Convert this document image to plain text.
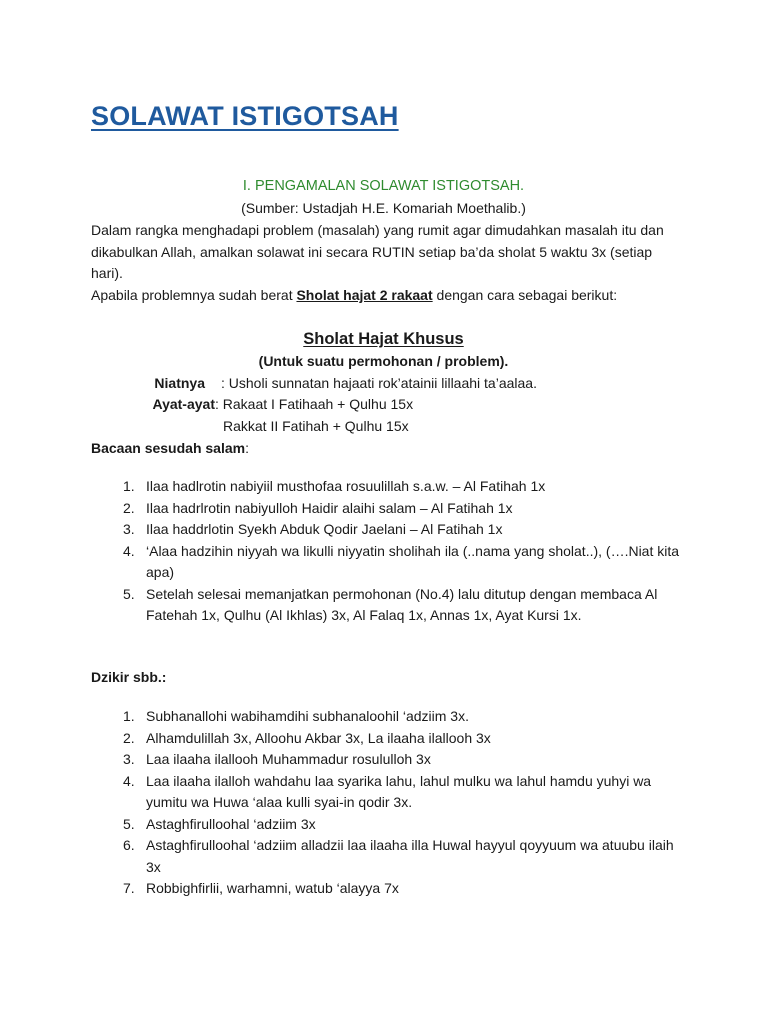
SOLAWAT ISTIGOTSAH

I. PENGAMALAN SOLAWAT ISTIGOTSAH.

(Sumber: Ustadjah H.E. Komariah Moethalib.)

Dalam rangka menghadapi problem (masalah) yang rumit agar dimudahkan masalah itu dan dikabulkan Allah, amalkan solawat ini secara RUTIN setiap ba’da sholat 5 waktu 3x (setiap hari).

Apabila problemnya sudah berat Sholat hajat 2 rakaat dengan cara sebagai berikut:

Sholat Hajat Khusus

(Untuk suatu permohonan / problem).

Niatnya : Usholi sunnatan hajaati rok’atainii lillaahi ta’aalaa.

Ayat-ayat: Rakaat I Fatihaah + Qulhu 15x

Rakkat II Fatihah + Qulhu 15x

Bacaan sesudah salam:

1. Ilaa hadlrotin nabiyiil musthofaa rosuulillah s.a.w. – Al Fatihah 1x
2. Ilaa hadrlrotin nabiyulloh Haidir alaihi salam – Al Fatihah 1x
3. Ilaa haddrlotin Syekh Abduk Qodir Jaelani – Al Fatihah 1x
4. ‘Alaa hadzihin niyyah wa likulli niyyatin sholihah ila (..nama yang sholat..), (….Niat kita apa)
5. Setelah selesai memanjatkan permohonan (No.4) lalu ditutup dengan membaca Al Fatehah 1x, Qulhu (Al Ikhlas) 3x, Al Falaq 1x, Annas 1x, Ayat Kursi 1x.

Dzikir sbb.:

1. Subhanallohi wabihamdihi subhanaloohil ‘adziim 3x.
2. Alhamdulillah 3x, Alloohu Akbar 3x, La ilaaha ilallooh 3x
3. Laa ilaaha ilallooh Muhammadur rosululloh 3x
4. Laa ilaaha ilalloh wahdahu laa syarika lahu, lahul mulku wa lahul hamdu yuhyi wa yumitu wa Huwa ‘alaa kulli syai-in qodir 3x.
5. Astaghfirulloohal ‘adziim 3x
6. Astaghfirulloohal ‘adziim alladzii laa ilaaha illa Huwal hayyul qoyyuum wa atuubu ilaih 3x
7. Robbighfirlii, warhamni, watub ‘alayya 7x
